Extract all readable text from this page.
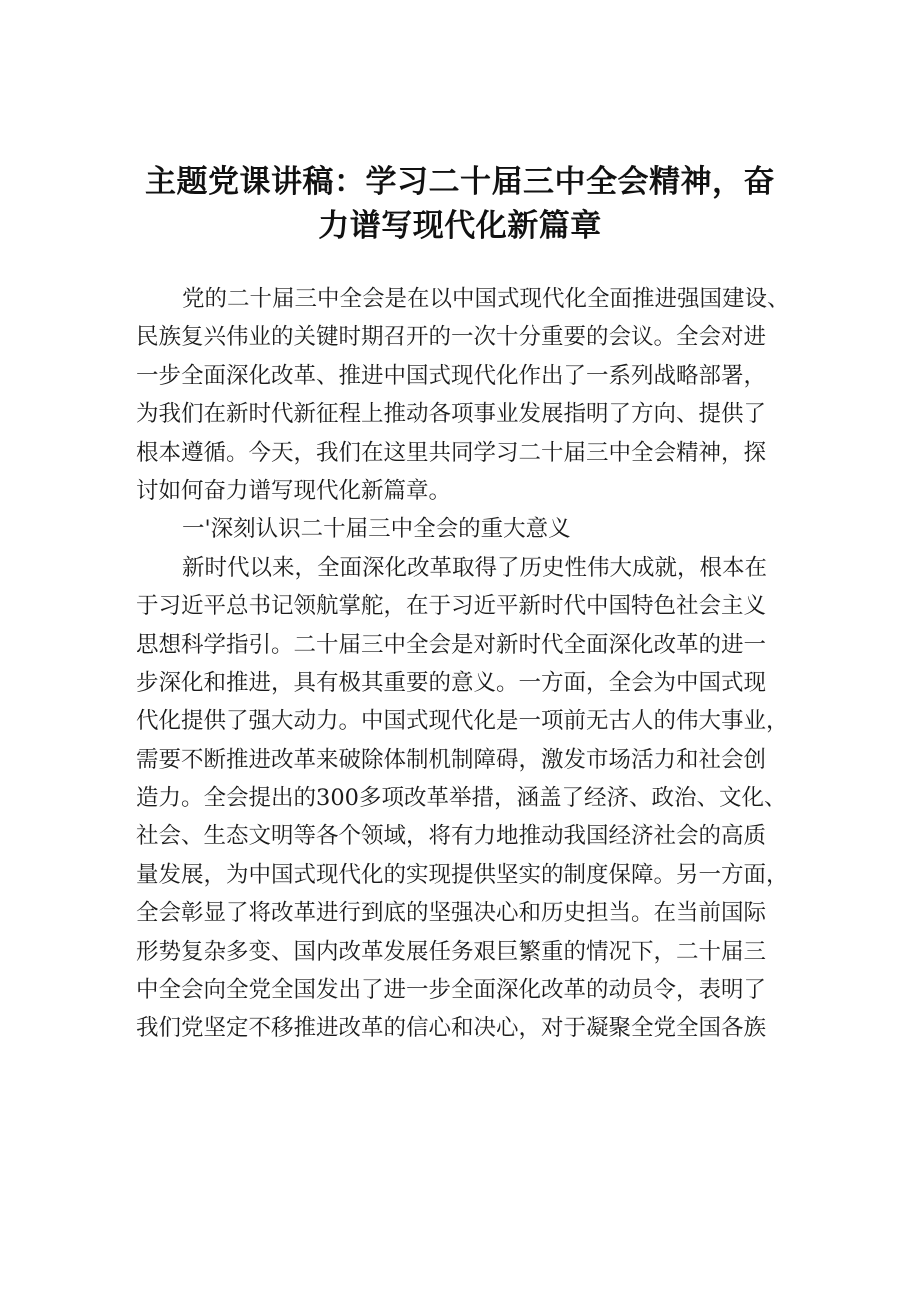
主题党课讲稿：学习二十届三中全会精神，奋
力谱写现代化新篇章
党的二十届三中全会是在以中国式现代化全面推进强国建设、
民族复兴伟业的关键时期召开的一次十分重要的会议。全会对进
一步全面深化改革、推进中国式现代化作出了一系列战略部署，
为我们在新时代新征程上推动各项事业发展指明了方向、提供了
根本遵循。今天，我们在这里共同学习二十届三中全会精神，探
讨如何奋力谱写现代化新篇章。
一'深刻认识二十届三中全会的重大意义
新时代以来，全面深化改革取得了历史性伟大成就，根本在
于习近平总书记领航掌舵，在于习近平新时代中国特色社会主义
思想科学指引。二十届三中全会是对新时代全面深化改革的进一
步深化和推进，具有极其重要的意义。一方面，全会为中国式现
代化提供了强大动力。中国式现代化是一项前无古人的伟大事业，
需要不断推进改革来破除体制机制障碍，激发市场活力和社会创
造力。全会提出的300多项改革举措，涵盖了经济、政治、文化、
社会、生态文明等各个领域，将有力地推动我国经济社会的高质
量发展，为中国式现代化的实现提供坚实的制度保障。另一方面，
全会彰显了将改革进行到底的坚强决心和历史担当。在当前国际
形势复杂多变、国内改革发展任务艰巨繁重的情况下，二十届三
中全会向全党全国发出了进一步全面深化改革的动员令，表明了
我们党坚定不移推进改革的信心和决心，对于凝聚全党全国各族
